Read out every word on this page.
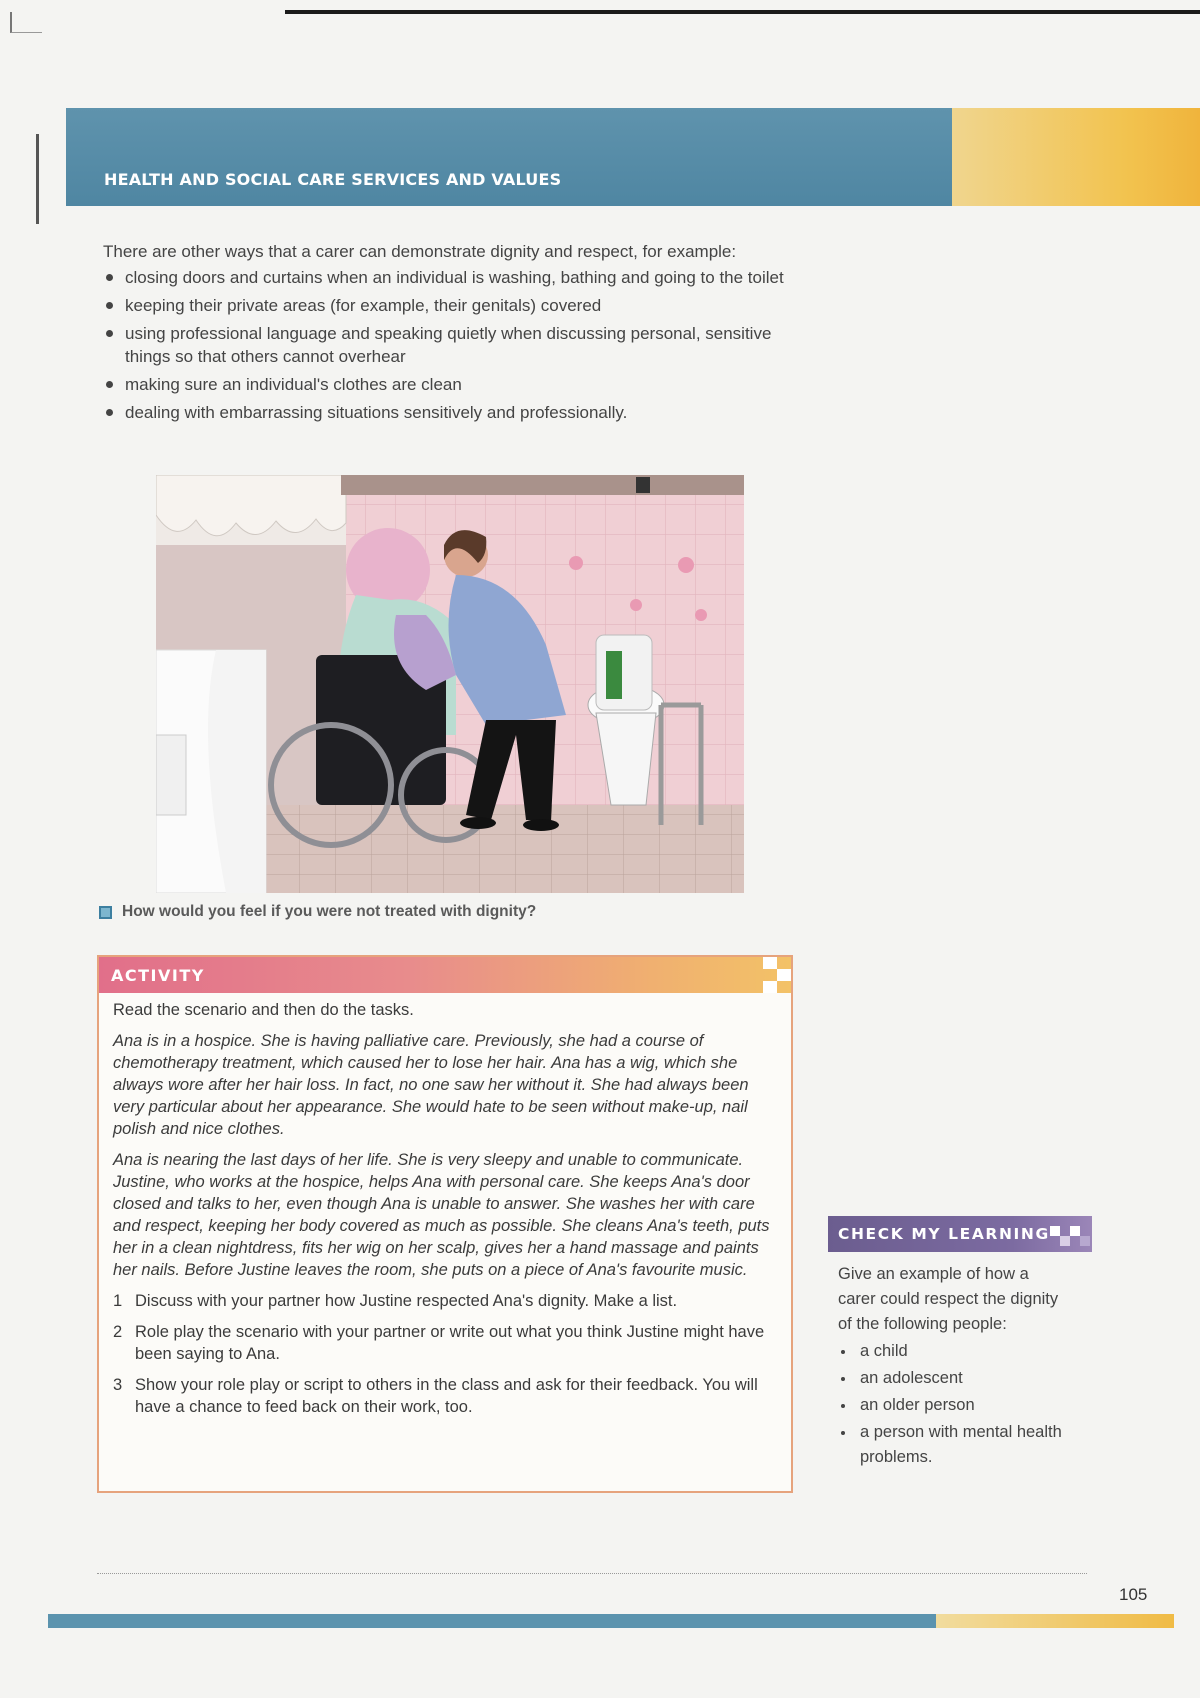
HEALTH AND SOCIAL CARE SERVICES AND VALUES

There are other ways that a carer can demonstrate dignity and respect, for example:

closing doors and curtains when an individual is washing, bathing and going to the toilet
keeping their private areas (for example, their genitals) covered
using professional language and speaking quietly when discussing personal, sensitive things so that others cannot overhear
making sure an individual's clothes are clean
dealing with embarrassing situations sensitively and professionally.
How would you feel if you were not treated with dignity?
ACTIVITY

Read the scenario and then do the tasks.

Ana is in a hospice. She is having palliative care. Previously, she had a course of chemotherapy treatment, which caused her to lose her hair. Ana has a wig, which she always wore after her hair loss. In fact, no one saw her without it. She had always been very particular about her appearance. She would hate to be seen without make-up, nail polish and nice clothes.

Ana is nearing the last days of her life. She is very sleepy and unable to communicate. Justine, who works at the hospice, helps Ana with personal care. She keeps Ana's door closed and talks to her, even though Ana is unable to answer. She washes her with care and respect, keeping her body covered as much as possible. She cleans Ana's teeth, puts her in a clean nightdress, fits her wig on her scalp, gives her a hand massage and paints her nails. Before Justine leaves the room, she puts on a piece of Ana's favourite music.

1 Discuss with your partner how Justine respected Ana's dignity. Make a list.
2 Role play the scenario with your partner or write out what you think Justine might have been saying to Ana.
3 Show your role play or script to others in the class and ask for their feedback. You will have a chance to feed back on their work, too.
CHECK MY LEARNING

Give an example of how a carer could respect the dignity of the following people:

a child
an adolescent
an older person
a person with mental health problems.
105
